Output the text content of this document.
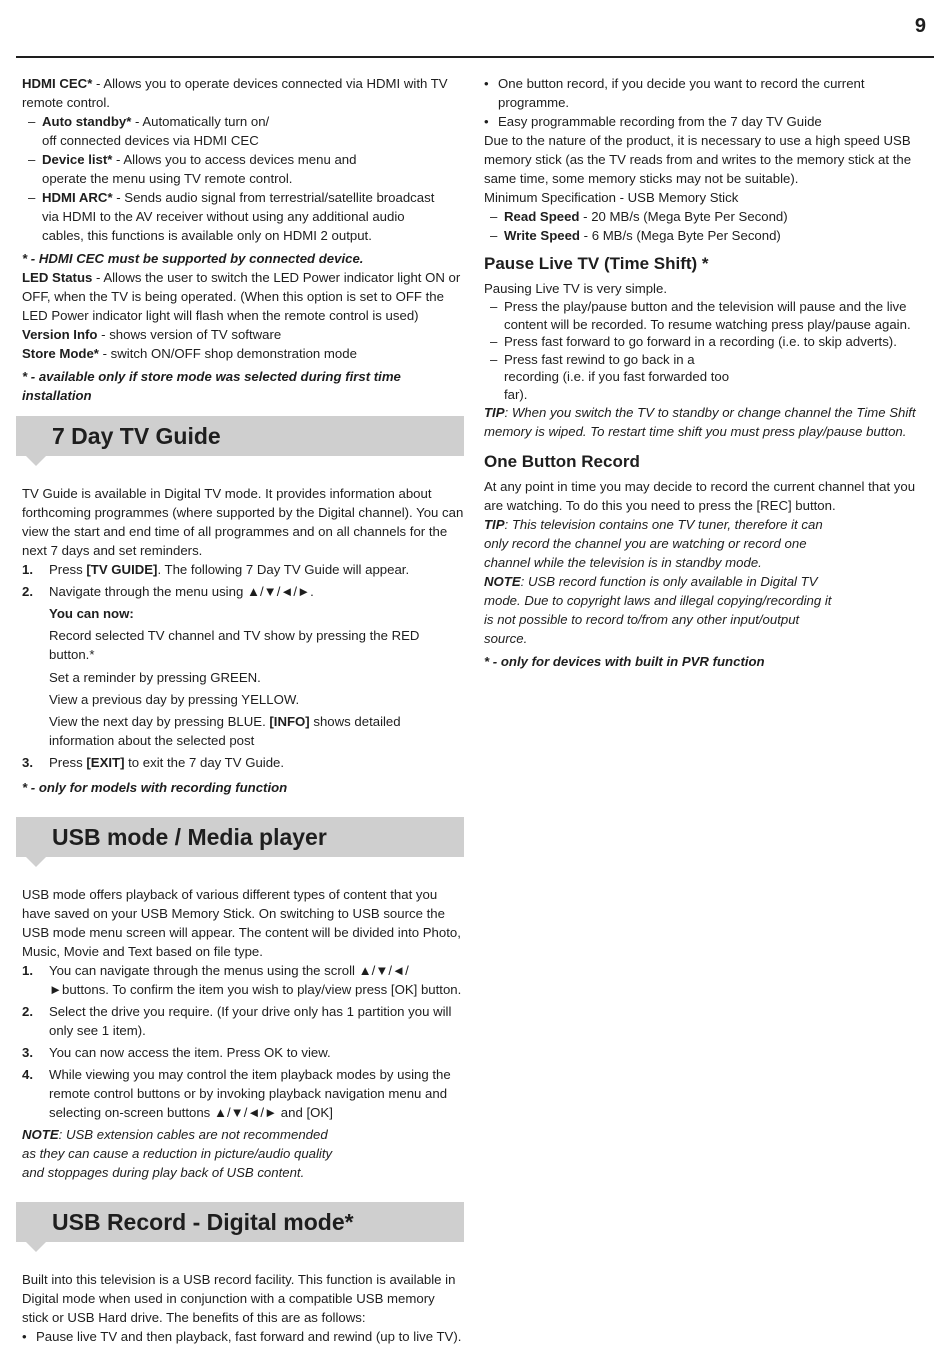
9

HDMI CEC* - Allows you to operate devices connected via HDMI with TV remote control.

– Auto standby* - Automatically turn on/
off connected devices via HDMI CEC

– Device list* - Allows you to access devices menu and
operate the menu using TV remote control.

– HDMI ARC* - Sends audio signal from terrestrial/satellite broadcast
via HDMI to the AV receiver without using any additional audio
cables, this functions is available only on HDMI 2 output.

* - HDMI CEC must be supported by connected device.

LED Status - Allows the user to switch the LED Power indicator light ON or OFF, when the TV is being operated. (When this option is set to OFF the LED Power indicator light will flash when the remote control is used)

Version Info - shows version of TV software

Store Mode* - switch ON/OFF shop demonstration mode

* - available only if store mode was selected during first time installation

7 Day TV Guide

TV Guide is available in Digital TV mode. It provides information about forthcoming programmes (where supported by the Digital channel). You can view the start and end time of all programmes and on all channels for the next 7 days and set reminders.

1. Press [TV GUIDE]. The following 7 Day TV Guide will appear.

2. Navigate through the menu using ▲/▼/◄/►.

You can now:

Record selected TV channel and TV show by pressing the RED button.*

Set a reminder by pressing GREEN.

View a previous day by pressing YELLOW.

View the next day by pressing BLUE. [INFO] shows detailed information about the selected post

3. Press [EXIT] to exit the 7 day TV Guide.

* - only for models with recording function

USB mode / Media player

USB mode offers playback of various different types of content that you have saved on your USB Memory Stick. On switching to USB source the USB mode menu screen will appear. The content will be divided into Photo, Music, Movie and Text based on file type.

1. You can navigate through the menus using the scroll ▲/▼/◄/►buttons. To confirm the item you wish to play/view press [OK] button.

2. Select the drive you require. (If your drive only has 1 partition you will only see 1 item).

3. You can now access the item. Press OK to view.

4. While viewing you may control the item playback modes by using the remote control buttons or by invoking playback navigation menu and selecting on-screen buttons ▲/▼/◄/► and [OK]

NOTE: USB extension cables are not recommended as they can cause a reduction in picture/audio quality and stoppages during play back of USB content.

USB Record - Digital mode*

Built into this television is a USB record facility. This function is available in Digital mode when used in conjunction with a compatible USB memory stick or USB Hard drive. The benefits of this are as follows:

• Pause live TV and then playback, fast forward and rewind (up to live TV).

• One button record, if you decide you want to record the current programme.

• Easy programmable recording from the 7 day TV Guide

Due to the nature of the product, it is necessary to use a high speed USB memory stick (as the TV reads from and writes to the memory stick at the same time, some memory sticks may not be suitable).

Minimum Specification - USB Memory Stick

– Read Speed - 20 MB/s (Mega Byte Per Second)

– Write Speed - 6 MB/s (Mega Byte Per Second)

Pause Live TV (Time Shift) *

Pausing Live TV is very simple.

– Press the play/pause button and the television will pause and the live content will be recorded. To resume watching press play/pause again.

– Press fast forward to go forward in a recording (i.e. to skip adverts).

– Press fast rewind to go back in a recording (i.e. if you fast forwarded too far).

TIP: When you switch the TV to standby or change channel the Time Shift memory is wiped. To restart time shift you must press play/pause button.

One Button Record

At any point in time you may decide to record the current channel that you are watching. To do this you need to press the [REC] button.

TIP: This television contains one TV tuner, therefore it can only record the channel you are watching or record one channel while the television is in standby mode.

NOTE: USB record function is only available in Digital TV mode. Due to copyright laws and illegal copying/recording it is not possible to record to/from any other input/output source.

* - only for devices with built in PVR function
